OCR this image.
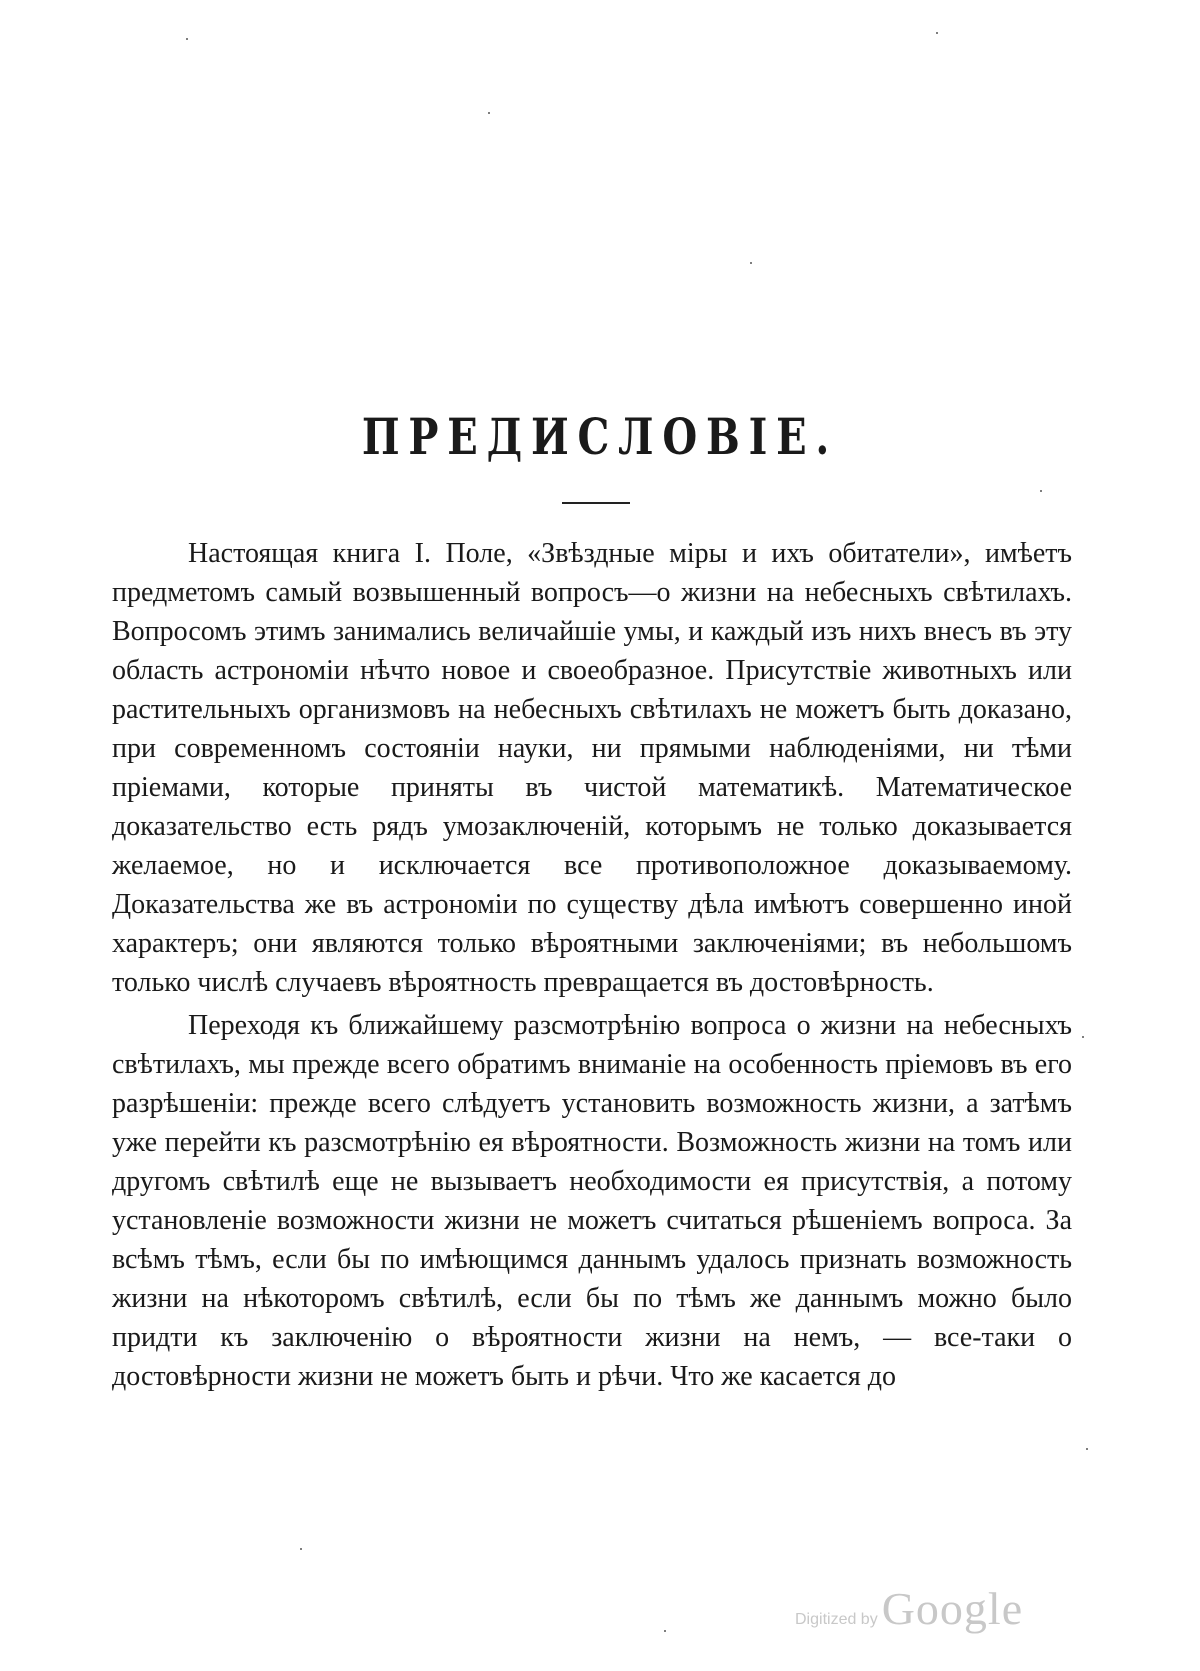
ПРЕДИСЛОВІЕ.

Настоящая книга I. Поле, «Звѣздные міры и ихъ обитатели», имѣетъ предметомъ самый возвышенный вопросъ—о жизни на небесныхъ свѣтилахъ. Вопросомъ этимъ занимались величайшіе умы, и каждый изъ нихъ внесъ въ эту область астрономіи нѣчто новое и своеобразное. Присутствіе животныхъ или растительныхъ организмовъ на небесныхъ свѣтилахъ не можетъ быть доказано, при современномъ состояніи науки, ни прямыми наблюденіями, ни тѣми пріемами, которые приняты въ чистой математикѣ. Математическое доказательство есть рядъ умозаключеній, которымъ не только доказывается желаемое, но и исключается все противоположное доказываемому. Доказательства же въ астрономіи по существу дѣла имѣютъ совершенно иной характеръ; они являются только вѣроятными заключеніями; въ небольшомъ только числѣ случаевъ вѣроятность превращается въ достовѣрность.

Переходя къ ближайшему разсмотрѣнію вопроса о жизни на небесныхъ свѣтилахъ, мы прежде всего обратимъ вниманіе на особенность пріемовъ въ его разрѣшеніи: прежде всего слѣдуетъ установить возможность жизни, а затѣмъ уже перейти къ разсмотрѣнію ея вѣроятности. Возможность жизни на томъ или другомъ свѣтилѣ еще не вызываетъ необходимости ея присутствія, а потому установленіе возможности жизни не можетъ считаться рѣшеніемъ вопроса. За всѣмъ тѣмъ, если бы по имѣющимся даннымъ удалось признать возможность жизни на нѣкоторомъ свѣтилѣ, если бы по тѣмъ же даннымъ можно было придти къ заключенію о вѣроятности жизни на немъ, — все-таки о достовѣрности жизни не можетъ быть и рѣчи. Что же касается до

Digitized byGoogle
